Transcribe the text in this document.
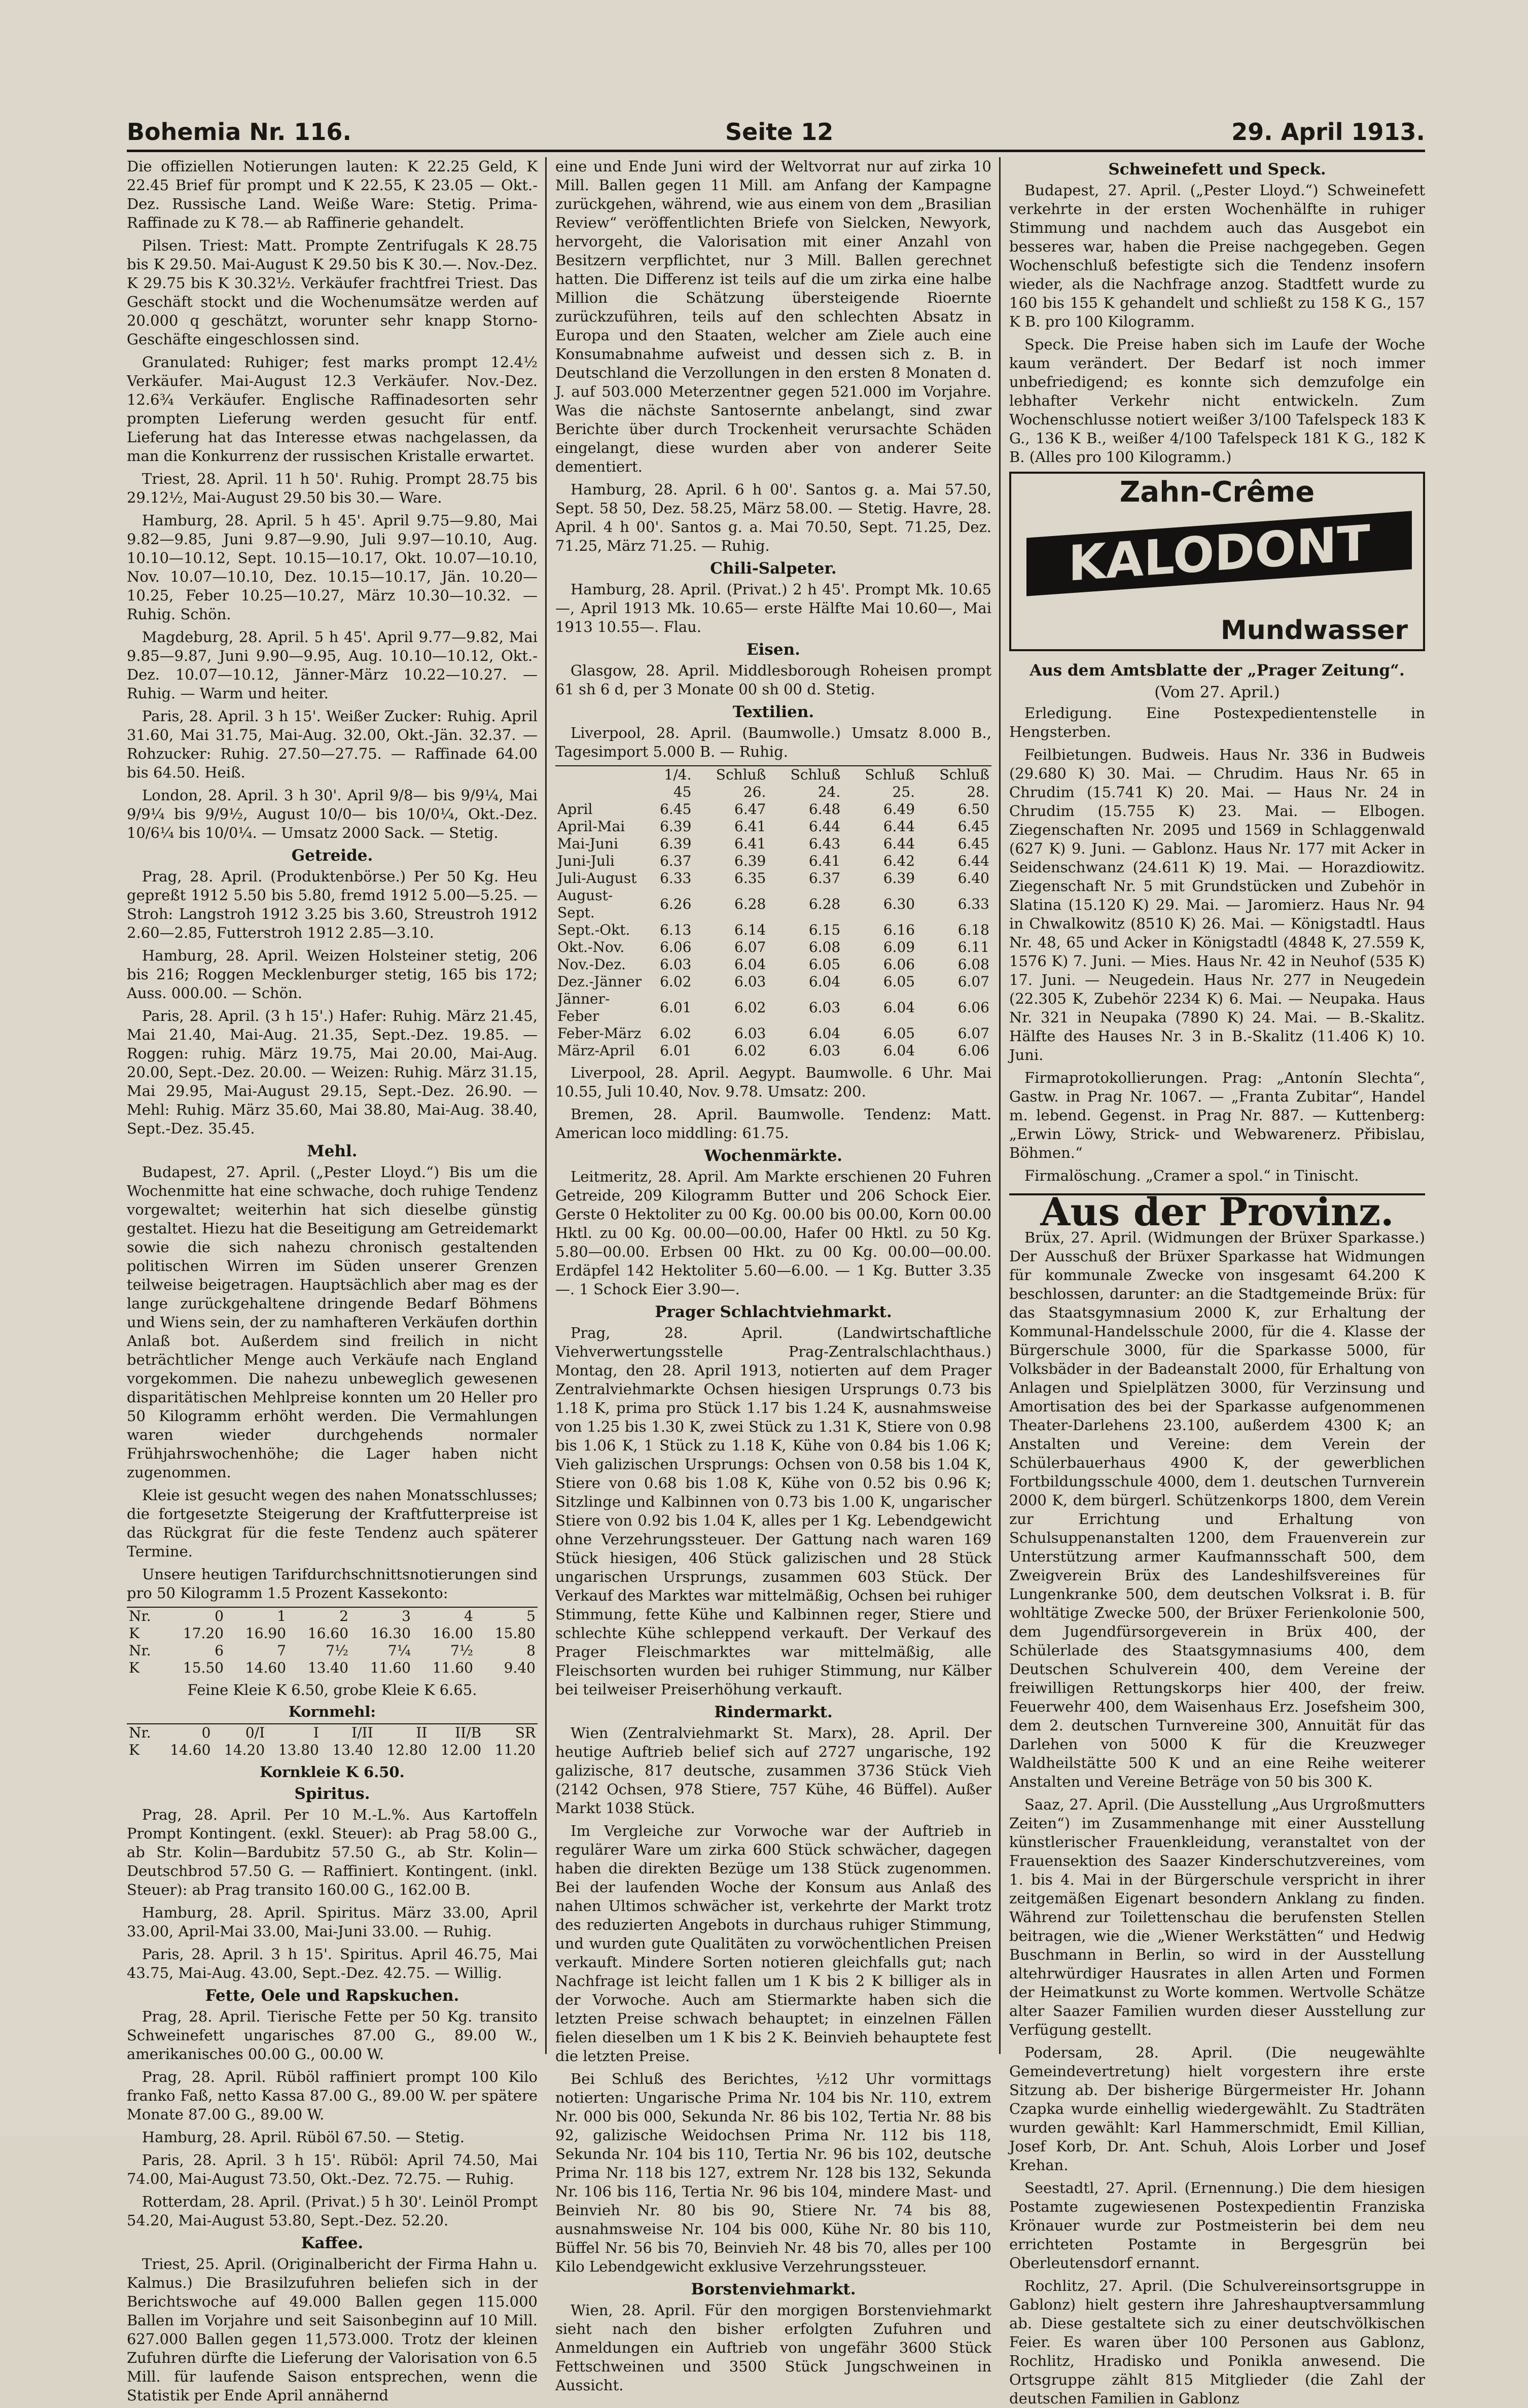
Bohemia Nr. 116.	Seite 12	29. April 1913.

Die offiziellen Notierungen lauten: K 22.25 Geld, K 22.45 Brief für prompt und K 22.55, K 23.05 — Okt.-Dez. Russische Land. Weiße Ware: Stetig. Prima-Raffinade zu K 78.— ab Raffinerie gehandelt.

Pilsen. Triest: Matt. Prompte Zentrifugals K 28.75 bis K 29.50. Mai-August K 29.50 bis K 30.—. Nov.-Dez. K 29.75 bis K 30.32½. Verkäufer frachtfrei Triest. Das Geschäft stockt und die Wochenumsätze werden auf 20.000 q geschätzt, worunter sehr knapp Storno-Geschäfte eingeschlossen sind.

Granulated: Ruhiger; fest marks prompt 12.4½ Verkäufer. Mai-August 12.3 Verkäufer. Nov.-Dez. 12.6¾ Verkäufer. Englische Raffinadesorten sehr prompten Lieferung werden gesucht für entf. Lieferung hat das Interesse etwas nachgelassen, da man die Konkurrenz der russischen Kristalle erwartet.

Triest, 28. April. 11 h 50'. Ruhig. Prompt 28.75 bis 29.12½, Mai-August 29.50 bis 30.— Ware.

Hamburg, 28. April. 5 h 45'. April 9.75—9.80, Mai 9.82—9.85, Juni 9.87—9.90, Juli 9.97—10.10, Aug. 10.10—10.12, Sept. 10.15—10.17, Okt. 10.07—10.10, Nov. 10.07—10.10, Dez. 10.15—10.17, Jän. 10.20—10.25, Feber 10.25—10.27, März 10.30—10.32. — Ruhig. Schön.

Magdeburg, 28. April. 5 h 45'. April 9.77—9.82, Mai 9.85—9.87, Juni 9.90—9.95, Aug. 10.10—10.12, Okt.-Dez. 10.07—10.12, Jänner-März 10.22—10.27. — Ruhig. — Warm und heiter.

Paris, 28. April. 3 h 15'. Weißer Zucker: Ruhig. April 31.60, Mai 31.75, Mai-Aug. 32.00, Okt.-Jän. 32.37. — Rohzucker: Ruhig. 27.50—27.75. — Raffinade 64.00 bis 64.50. Heiß.

London, 28. April. 3 h 30'. April 9/8— bis 9/9¼, Mai 9/9¼ bis 9/9½, August 10/0— bis 10/0¼, Okt.-Dez. 10/6¼ bis 10/0¼. — Umsatz 2000 Sack. — Stetig.

Getreide.

Prag, 28. April. (Produktenbörse.) Per 50 Kg. Heu gepreßt 1912 5.50 bis 5.80, fremd 1912 5.00—5.25. — Stroh: Langstroh 1912 3.25 bis 3.60, Streustroh 1912 2.60—2.85, Futterstroh 1912 2.85—3.10.

Hamburg, 28. April. Weizen Holsteiner stetig, 206 bis 216; Roggen Mecklenburger stetig, 165 bis 172; Auss. 000.00. — Schön.

Paris, 28. April. (3 h 15'.) Hafer: Ruhig. März 21.45, Mai 21.40, Mai-Aug. 21.35, Sept.-Dez. 19.85. — Roggen: ruhig. März 19.75, Mai 20.00, Mai-Aug. 20.00, Sept.-Dez. 20.00. — Weizen: Ruhig. März 31.15, Mai 29.95, Mai-August 29.15, Sept.-Dez. 26.90. — Mehl: Ruhig. März 35.60, Mai 38.80, Mai-Aug. 38.40, Sept.-Dez. 35.45.

Mehl.

Budapest, 27. April. („Pester Lloyd.“) Bis um die Wochenmitte hat eine schwache, doch ruhige Tendenz vorgewaltet; weiterhin hat sich dieselbe günstig gestaltet. Hiezu hat die Beseitigung am Getreidemarkt sowie die sich nahezu chronisch gestaltenden politischen Wirren im Süden unserer Grenzen teilweise beigetragen. Hauptsächlich aber mag es der lange zurückgehaltene dringende Bedarf Böhmens und Wiens sein, der zu namhafteren Verkäufen dorthin Anlaß bot. Außerdem sind freilich in nicht beträchtlicher Menge auch Verkäufe nach England vorgekommen. Die nahezu unbeweglich gewesenen disparitätischen Mehlpreise konnten um 20 Heller pro 50 Kilogramm erhöht werden. Die Vermahlungen waren wieder durchgehends normaler Frühjahrswochenhöhe; die Lager haben nicht zugenommen.

Kleie ist gesucht wegen des nahen Monatsschlusses; die fortgesetzte Steigerung der Kraftfutterpreise ist das Rückgrat für die feste Tendenz auch späterer Termine.

Unsere heutigen Tarifdurchschnittsnotierungen sind pro 50 Kilogramm 1.5 Prozent Kassekonto:

Nr.	0	1	2	3	4	5
K	17.20	16.90	16.60	16.30	16.00	15.80
Nr.	6	7	7½	7¼	7½	8
K	15.50	14.60	13.40	11.60	11.60	9.40
Feine Kleie K 6.50, grobe Kleie K 6.65.
Kornmehl:
Nr.	0	0/I	I	I/II	II	II/B	SR
K	14.60	14.20	13.80	13.40	12.80	12.00	11.20
Kornkleie K 6.50.
Spiritus.

Prag, 28. April. Per 10 M.-L.%. Aus Kartoffeln Prompt Kontingent. (exkl. Steuer): ab Prag 58.00 G., ab Str. Kolin—Bardubitz 57.50 G., ab Str. Kolin—Deutschbrod 57.50 G. — Raffiniert. Kontingent. (inkl. Steuer): ab Prag transito 160.00 G., 162.00 B.

Hamburg, 28. April. Spiritus. März 33.00, April 33.00, April-Mai 33.00, Mai-Juni 33.00. — Ruhig.

Paris, 28. April. 3 h 15'. Spiritus. April 46.75, Mai 43.75, Mai-Aug. 43.00, Sept.-Dez. 42.75. — Willig.

Fette, Oele und Rapskuchen.

Prag, 28. April. Tierische Fette per 50 Kg. transito Schweinefett ungarisches 87.00 G., 89.00 W., amerikanisches 00.00 G., 00.00 W.

Prag, 28. April. Rüböl raffiniert prompt 100 Kilo franko Faß, netto Kassa 87.00 G., 89.00 W. per spätere Monate 87.00 G., 89.00 W.

Hamburg, 28. April. Rüböl 67.50. — Stetig.

Paris, 28. April. 3 h 15'. Rüböl: April 74.50, Mai 74.00, Mai-August 73.50, Okt.-Dez. 72.75. — Ruhig.

Rotterdam, 28. April. (Privat.) 5 h 30'. Leinöl Prompt 54.20, Mai-August 53.80, Sept.-Dez. 52.20.

Kaffee.

Triest, 25. April. (Originalbericht der Firma Hahn u. Kalmus.) Die Brasilzufuhren beliefen sich in der Berichtswoche auf 49.000 Ballen gegen 115.000 Ballen im Vorjahre und seit Saisonbeginn auf 10 Mill. 627.000 Ballen gegen 11,573.000. Trotz der kleinen Zufuhren dürfte die Lieferung der Valorisation von 6.5 Mill. für laufende Saison entsprechen, wenn die Statistik per Ende April annähernd

eine und Ende Juni wird der Weltvorrat nur auf zirka 10 Mill. Ballen gegen 11 Mill. am Anfang der Kampagne zurückgehen, während, wie aus einem von dem „Brasilian Review“ veröffentlichten Briefe von Sielcken, Newyork, hervorgeht, die Valorisation mit einer Anzahl von Besitzern verpflichtet, nur 3 Mill. Ballen gerechnet hatten. Die Differenz ist teils auf die um zirka eine halbe Million die Schätzung übersteigende Rioernte zurückzuführen, teils auf den schlechten Absatz in Europa und den Staaten, welcher am Ziele auch eine Konsumabnahme aufweist und dessen sich z. B. in Deutschland die Verzollungen in den ersten 8 Monaten d. J. auf 503.000 Meterzentner gegen 521.000 im Vorjahre. Was die nächste Santosernte anbelangt, sind zwar Berichte über durch Trockenheit verursachte Schäden eingelangt, diese wurden aber von anderer Seite dementiert.

Hamburg, 28. April. 6 h 00'. Santos g. a. Mai 57.50, Sept. 58 50, Dez. 58.25, März 58.00. — Stetig. Havre, 28. April. 4 h 00'. Santos g. a. Mai 70.50, Sept. 71.25, Dez. 71.25, März 71.25. — Ruhig.

Chili-Salpeter.

Hamburg, 28. April. (Privat.) 2 h 45'. Prompt Mk. 10.65—, April 1913 Mk. 10.65— erste Hälfte Mai 10.60—, Mai 1913 10.55—. Flau.

Eisen.

Glasgow, 28. April. Middlesborough Roheisen prompt 61 sh 6 d, per 3 Monate 00 sh 00 d. Stetig.

Textilien.

Liverpool, 28. April. (Baumwolle.) Umsatz 8.000 B., Tagesimport 5.000 B. — Ruhig.

	1/4. 45	Schluß 26.	Schluß 24.	Schluß 25.	Schluß 28.
April	6.45	6.47	6.48	6.49	6.50
April-Mai	6.39	6.41	6.44	6.44	6.45
Mai-Juni	6.39	6.41	6.43	6.44	6.45
Juni-Juli	6.37	6.39	6.41	6.42	6.44
Juli-August	6.33	6.35	6.37	6.39	6.40
August-Sept.	6.26	6.28	6.28	6.30	6.33
Sept.-Okt.	6.13	6.14	6.15	6.16	6.18
Okt.-Nov.	6.06	6.07	6.08	6.09	6.11
Nov.-Dez.	6.03	6.04	6.05	6.06	6.08
Dez.-Jänner	6.02	6.03	6.04	6.05	6.07
Jänner-Feber	6.01	6.02	6.03	6.04	6.06
Feber-März	6.02	6.03	6.04	6.05	6.07
März-April	6.01	6.02	6.03	6.04	6.06

Liverpool, 28. April. Aegypt. Baumwolle. 6 Uhr. Mai 10.55, Juli 10.40, Nov. 9.78. Umsatz: 200.

Bremen, 28. April. Baumwolle. Tendenz: Matt. American loco middling: 61.75.

Wochenmärkte.

Leitmeritz, 28. April. Am Markte erschienen 20 Fuhren Getreide, 209 Kilogramm Butter und 206 Schock Eier. Gerste 0 Hektoliter zu 00 Kg. 00.00 bis 00.00, Korn 00.00 Hktl. zu 00 Kg. 00.00—00.00, Hafer 00 Hktl. zu 50 Kg. 5.80—00.00. Erbsen 00 Hkt. zu 00 Kg. 00.00—00.00. Erdäpfel 142 Hektoliter 5.60—6.00. — 1 Kg. Butter 3.35—. 1 Schock Eier 3.90—.

Prager Schlachtviehmarkt.

Prag, 28. April. (Landwirtschaftliche Viehverwertungsstelle Prag-Zentralschlachthaus.) Montag, den 28. April 1913, notierten auf dem Prager Zentralviehmarkte Ochsen hiesigen Ursprungs 0.73 bis 1.18 K, prima pro Stück 1.17 bis 1.24 K, ausnahmsweise von 1.25 bis 1.30 K, zwei Stück zu 1.31 K, Stiere von 0.98 bis 1.06 K, 1 Stück zu 1.18 K, Kühe von 0.84 bis 1.06 K; Vieh galizischen Ursprungs: Ochsen von 0.58 bis 1.04 K, Stiere von 0.68 bis 1.08 K, Kühe von 0.52 bis 0.96 K; Sitzlinge und Kalbinnen von 0.73 bis 1.00 K, ungarischer Stiere von 0.92 bis 1.04 K, alles per 1 Kg. Lebendgewicht ohne Verzehrungssteuer. Der Gattung nach waren 169 Stück hiesigen, 406 Stück galizischen und 28 Stück ungarischen Ursprungs, zusammen 603 Stück. Der Verkauf des Marktes war mittelmäßig, Ochsen bei ruhiger Stimmung, fette Kühe und Kalbinnen reger, Stiere und schlechte Kühe schleppend verkauft. Der Verkauf des Prager Fleischmarktes war mittelmäßig, alle Fleischsorten wurden bei ruhiger Stimmung, nur Kälber bei teilweiser Preiserhöhung verkauft.

Rindermarkt.

Wien (Zentralviehmarkt St. Marx), 28. April. Der heutige Auftrieb belief sich auf 2727 ungarische, 192 galizische, 817 deutsche, zusammen 3736 Stück Vieh (2142 Ochsen, 978 Stiere, 757 Kühe, 46 Büffel). Außer Markt 1038 Stück.

Im Vergleiche zur Vorwoche war der Auftrieb in regulärer Ware um zirka 600 Stück schwächer, dagegen haben die direkten Bezüge um 138 Stück zugenommen. Bei der laufenden Woche der Konsum aus Anlaß des nahen Ultimos schwächer ist, verkehrte der Markt trotz des reduzierten Angebots in durchaus ruhiger Stimmung, und wurden gute Qualitäten zu vorwöchentlichen Preisen verkauft. Mindere Sorten notieren gleichfalls gut; nach Nachfrage ist leicht fallen um 1 K bis 2 K billiger als in der Vorwoche. Auch am Stiermarkte haben sich die letzten Preise schwach behauptet; in einzelnen Fällen fielen dieselben um 1 K bis 2 K. Beinvieh behauptete fest die letzten Preise.

Bei Schluß des Berichtes, ½12 Uhr vormittags notierten: Ungarische Prima Nr. 104 bis Nr. 110, extrem Nr. 000 bis 000, Sekunda Nr. 86 bis 102, Tertia Nr. 88 bis 92, galizische Weidochsen Prima Nr. 112 bis 118, Sekunda Nr. 104 bis 110, Tertia Nr. 96 bis 102, deutsche Prima Nr. 118 bis 127, extrem Nr. 128 bis 132, Sekunda Nr. 106 bis 116, Tertia Nr. 96 bis 104, mindere Mast- und Beinvieh Nr. 80 bis 90, Stiere Nr. 74 bis 88, ausnahmsweise Nr. 104 bis 000, Kühe Nr. 80 bis 110, Büffel Nr. 56 bis 70, Beinvieh Nr. 48 bis 70, alles per 100 Kilo Lebendgewicht exklusive Verzehrungssteuer.

Borstenviehmarkt.

Wien, 28. April. Für den morgigen Borstenviehmarkt sieht nach den bisher erfolgten Zufuhren und Anmeldungen ein Auftrieb von ungefähr 3600 Stück Fettschweinen und 3500 Stück Jungschweinen in Aussicht.

Schweinefett und Speck.

Budapest, 27. April. („Pester Lloyd.“) Schweinefett verkehrte in der ersten Wochenhälfte in ruhiger Stimmung und nachdem auch das Ausgebot ein besseres war, haben die Preise nachgegeben. Gegen Wochenschluß befestigte sich die Tendenz insofern wieder, als die Nachfrage anzog. Stadtfett wurde zu 160 bis 155 K gehandelt und schließt zu 158 K G., 157 K B. pro 100 Kilogramm.

Speck. Die Preise haben sich im Laufe der Woche kaum verändert. Der Bedarf ist noch immer unbefriedigend; es konnte sich demzufolge ein lebhafter Verkehr nicht entwickeln. Zum Wochenschlusse notiert weißer 3/100 Tafelspeck 183 K G., 136 K B., weißer 4/100 Tafelspeck 181 K G., 182 K B. (Alles pro 100 Kilogramm.)

Zahn-Crême
KALODONT
Mundwasser
Aus dem Amtsblatte der „Prager Zeitung“.
(Vom 27. April.)

Erledigung. Eine Postexpedientenstelle in Hengsterben.

Feilbietungen. Budweis. Haus Nr. 336 in Budweis (29.680 K) 30. Mai. — Chrudim. Haus Nr. 65 in Chrudim (15.741 K) 20. Mai. — Haus Nr. 24 in Chrudim (15.755 K) 23. Mai. — Elbogen. Ziegenschaften Nr. 2095 und 1569 in Schlaggenwald (627 K) 9. Juni. — Gablonz. Haus Nr. 177 mit Acker in Seidenschwanz (24.611 K) 19. Mai. — Horazdiowitz. Ziegenschaft Nr. 5 mit Grundstücken und Zubehör in Slatina (15.120 K) 29. Mai. — Jaromierz. Haus Nr. 94 in Chwalkowitz (8510 K) 26. Mai. — Königstadtl. Haus Nr. 48, 65 und Acker in Königstadtl (4848 K, 27.559 K, 1576 K) 7. Juni. — Mies. Haus Nr. 42 in Neuhof (535 K) 17. Juni. — Neugedein. Haus Nr. 277 in Neugedein (22.305 K, Zubehör 2234 K) 6. Mai. — Neupaka. Haus Nr. 321 in Neupaka (7890 K) 24. Mai. — B.-Skalitz. Hälfte des Hauses Nr. 3 in B.-Skalitz (11.406 K) 10. Juni.

Firmaprotokollierungen. Prag: „Antonín Slechta“, Gastw. in Prag Nr. 1067. — „Franta Zubitar“, Handel m. lebend. Gegenst. in Prag Nr. 887. — Kuttenberg: „Erwin Löwy, Strick- und Webwarenerz. Přibislau, Böhmen.“

Firmalöschung. „Cramer a spol.“ in Tinischt.

Aus der Provinz.

Brüx, 27. April. (Widmungen der Brüxer Sparkasse.) Der Ausschuß der Brüxer Sparkasse hat Widmungen für kommunale Zwecke von insgesamt 64.200 K beschlossen, darunter: an die Stadtgemeinde Brüx: für das Staatsgymnasium 2000 K, zur Erhaltung der Kommunal-Handelsschule 2000, für die 4. Klasse der Bürgerschule 3000, für die Sparkasse 5000, für Volksbäder in der Badeanstalt 2000, für Erhaltung von Anlagen und Spielplätzen 3000, für Verzinsung und Amortisation des bei der Sparkasse aufgenommenen Theater-Darlehens 23.100, außerdem 4300 K; an Anstalten und Vereine: dem Verein der Schülerbauerhaus 4900 K, der gewerblichen Fortbildungsschule 4000, dem 1. deutschen Turnverein 2000 K, dem bürgerl. Schützenkorps 1800, dem Verein zur Errichtung und Erhaltung von Schulsuppenanstalten 1200, dem Frauenverein zur Unterstützung armer Kaufmannsschaft 500, dem Zweigverein Brüx des Landeshilfsvereines für Lungenkranke 500, dem deutschen Volksrat i. B. für wohltätige Zwecke 500, der Brüxer Ferienkolonie 500, dem Jugendfürsorgeverein in Brüx 400, der Schülerlade des Staatsgymnasiums 400, dem Deutschen Schulverein 400, dem Vereine der freiwilligen Rettungskorps hier 400, der freiw. Feuerwehr 400, dem Waisenhaus Erz. Josefsheim 300, dem 2. deutschen Turnvereine 300, Annuität für das Darlehen von 5000 K für die Kreuzweger Waldheilstätte 500 K und an eine Reihe weiterer Anstalten und Vereine Beträge von 50 bis 300 K.

Saaz, 27. April. (Die Ausstellung „Aus Urgroßmutters Zeiten“) im Zusammenhange mit einer Ausstellung künstlerischer Frauenkleidung, veranstaltet von der Frauensektion des Saazer Kinderschutzvereines, vom 1. bis 4. Mai in der Bürgerschule verspricht in ihrer zeitgemäßen Eigenart besondern Anklang zu finden. Während zur Toilettenschau die berufensten Stellen beitragen, wie die „Wiener Werkstätten“ und Hedwig Buschmann in Berlin, so wird in der Ausstellung altehrwürdiger Hausrates in allen Arten und Formen der Heimatkunst zu Worte kommen. Wertvolle Schätze alter Saazer Familien wurden dieser Ausstellung zur Verfügung gestellt.

Podersam, 28. April. (Die neugewählte Gemeindevertretung) hielt vorgestern ihre erste Sitzung ab. Der bisherige Bürgermeister Hr. Johann Czapka wurde einhellig wiedergewählt. Zu Stadträten wurden gewählt: Karl Hammerschmidt, Emil Killian, Josef Korb, Dr. Ant. Schuh, Alois Lorber und Josef Krehan.

Seestadtl, 27. April. (Ernennung.) Die dem hiesigen Postamte zugewiesenen Postexpedientin Franziska Krönauer wurde zur Postmeisterin bei dem neu errichteten Postamte in Bergesgrün bei Oberleutensdorf ernannt.

Rochlitz, 27. April. (Die Schulvereinsortsgruppe in Gablonz) hielt gestern ihre Jahreshauptversammlung ab. Diese gestaltete sich zu einer deutschvölkischen Feier. Es waren über 100 Personen aus Gablonz, Rochlitz, Hradisko und Ponikla anwesend. Die Ortsgruppe zählt 815 Mitglieder (die Zahl der deutschen Familien in Gablonz
